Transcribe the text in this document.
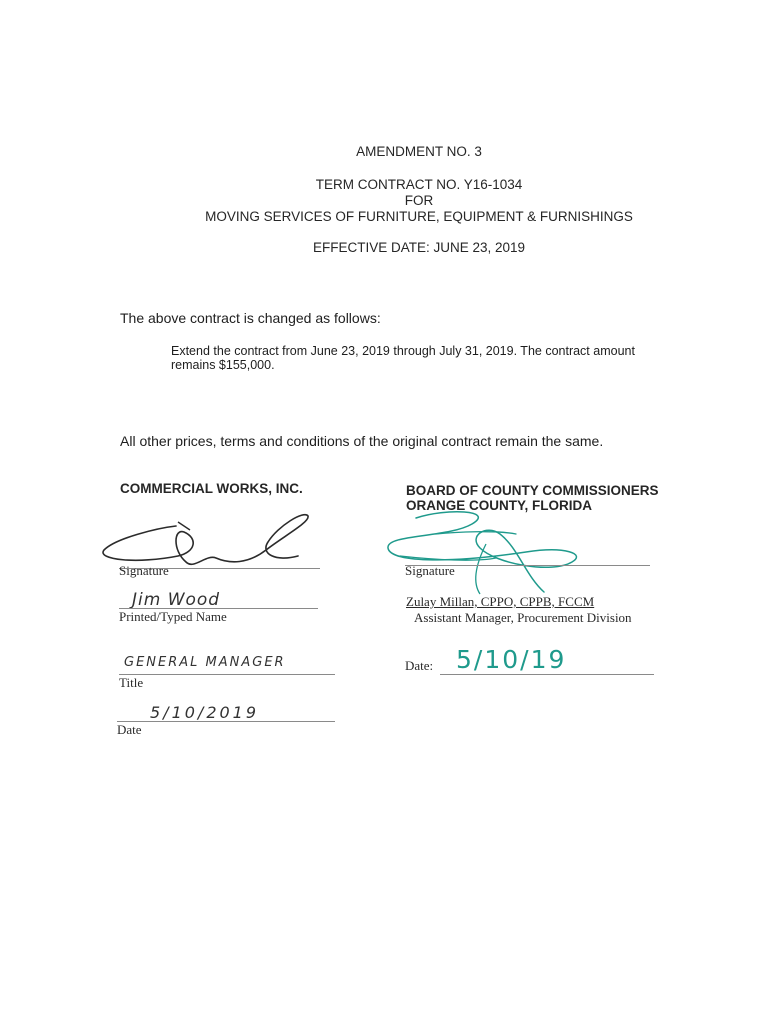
AMENDMENT NO. 3
TERM CONTRACT NO. Y16-1034
FOR
MOVING SERVICES OF FURNITURE, EQUIPMENT & FURNISHINGS
EFFECTIVE DATE: JUNE 23, 2019
The above contract is changed as follows:
Extend the contract from June 23, 2019 through July 31, 2019. The contract amount
remains $155,000.
All other prices, terms and conditions of the original contract remain the same.
COMMERCIAL WORKS, INC.
Signature
Jim Wood
Printed/Typed Name
GENERAL MANAGER
Title
5/10/2019
Date
BOARD OF COUNTY COMMISSIONERS
ORANGE COUNTY, FLORIDA
Signature
Zulay Millan, CPPO, CPPB, FCCM
Assistant Manager, Procurement Division
Date: 5/10/19
